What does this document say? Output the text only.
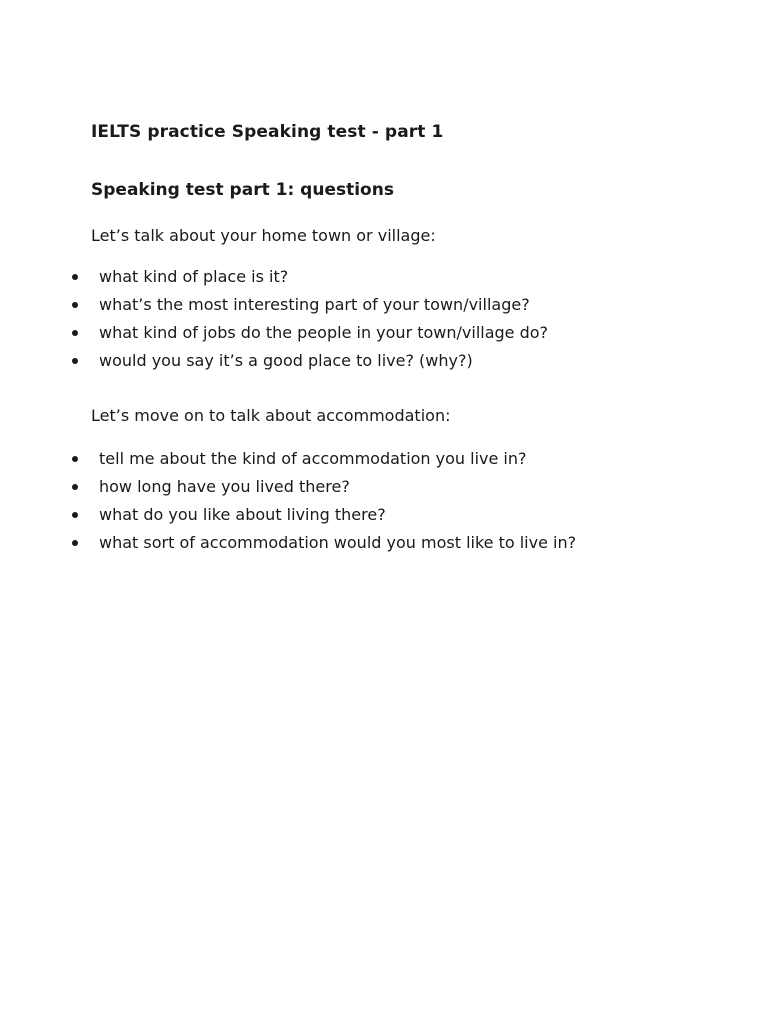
IELTS practice Speaking test - part 1
Speaking test part 1: questions
Let’s talk about your home town or village:
what kind of place is it?
what’s the most interesting part of your town/village?
what kind of jobs do the people in your town/village do?
would you say it’s a good place to live? (why?)
Let’s move on to talk about accommodation:
tell me about the kind of accommodation you live in?
how long have you lived there?
what do you like about living there?
what sort of accommodation would you most like to live in?
